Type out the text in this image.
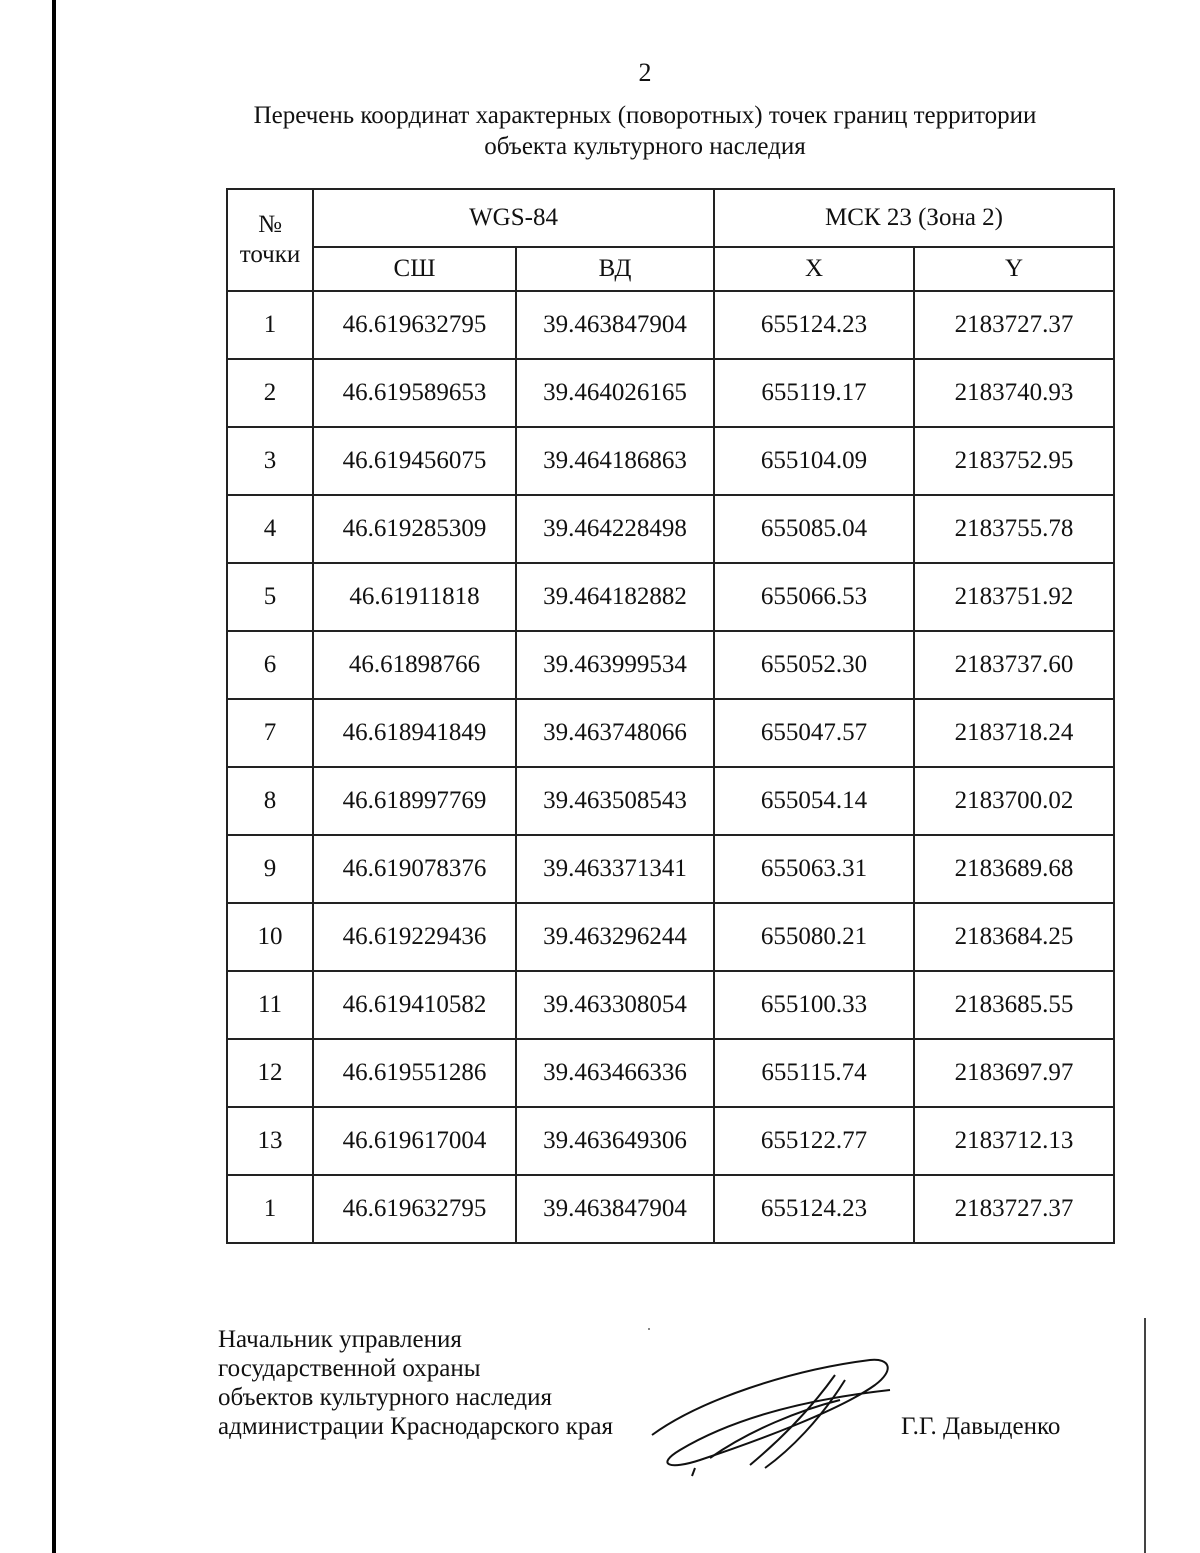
2
Перечень координат характерных (поворотных) точек границ территории
объекта культурного наследия
№ точки	WGS-84		МСК 23 (Зона 2)	
	СШ	ВД	X	Y
1	46.619632795	39.463847904	655124.23	2183727.37
2	46.619589653	39.464026165	655119.17	2183740.93
3	46.619456075	39.464186863	655104.09	2183752.95
4	46.619285309	39.464228498	655085.04	2183755.78
5	46.61911818	39.464182882	655066.53	2183751.92
6	46.61898766	39.463999534	655052.30	2183737.60
7	46.618941849	39.463748066	655047.57	2183718.24
8	46.618997769	39.463508543	655054.14	2183700.02
9	46.619078376	39.463371341	655063.31	2183689.68
10	46.619229436	39.463296244	655080.21	2183684.25
11	46.619410582	39.463308054	655100.33	2183685.55
12	46.619551286	39.463466336	655115.74	2183697.97
13	46.619617004	39.463649306	655122.77	2183712.13
1	46.619632795	39.463847904	655124.23	2183727.37
Начальник управления
государственной охраны
объектов культурного наследия
администрации Краснодарского края	Г.Г. Давыденко
